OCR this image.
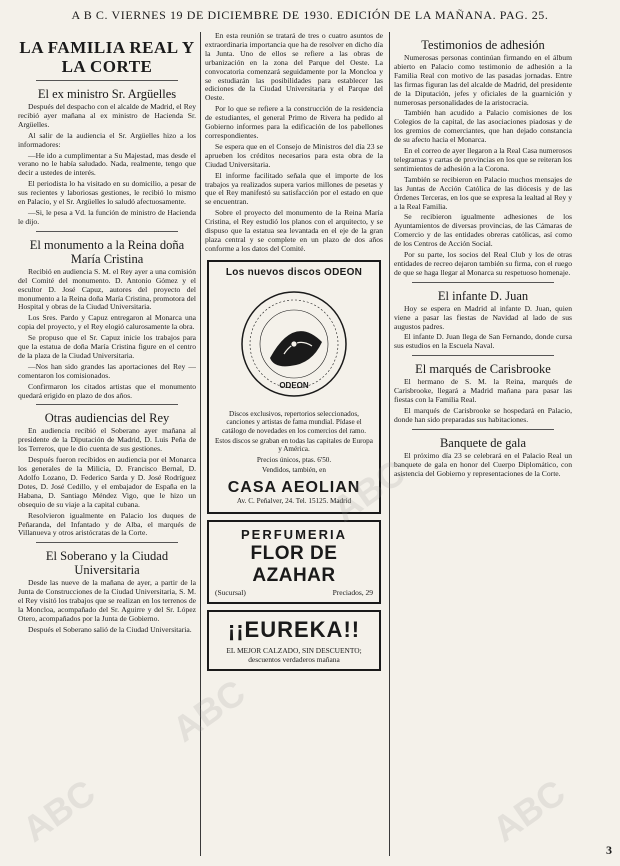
A B C. VIERNES 19 DE DICIEMBRE DE 1930. EDICIÓN DE LA MAÑANA. PAG. 25.
LA FAMILIA REAL Y LA CORTE
El ex ministro Sr. Argüelles

Después del despacho con el alcalde de Madrid, el Rey recibió ayer mañana al ex ministro de Hacienda Sr. Argüelles.

Al salir de la audiencia el Sr. Argüelles hizo a los informadores:

—He ido a cumplimentar a Su Majestad, mas desde el verano no le había saludado. Nada, realmente, tengo que decir a ustedes de interés.

El periodista lo ha visitado en su domicilio, a pesar de sus recientes y laboriosas gestiones, le recibió lo mismo en Palacio, y el Sr. Argüelles lo saludó afectuosamente.

—Si, le pesa a Vd. la función de ministro de Hacienda le dijo.

El monumento a la Reina doña María Cristina

Recibió en audiencia S. M. el Rey ayer a una comisión del Comité del monumento. D. Antonio Gómez y el escultor D. José Capuz, autores del proyecto del monumento a la Reina doña María Cristina, promotora del Hospital y obras de la Ciudad Universitaria.

Los Sres. Pardo y Capuz entregaron al Monarca una copia del proyecto, y el Rey elogió calurosamente la obra.

Se propuso que el Sr. Capuz inicie los trabajos para que la estatua de doña María Cristina figure en el centro de la plaza de la Ciudad Universitaria.

—Nos han sido grandes las aportaciones del Rey —comentaron los comisionados.

Confirmaron los citados artistas que el monumento quedará erigido en plazo de dos años.

Otras audiencias del Rey

En audiencia recibió el Soberano ayer mañana al presidente de la Diputación de Madrid, D. Luis Peña de los Terreros, que le dio cuenta de sus gestiones.

Después fueron recibidos en audiencia por el Monarca los generales de la Milicia, D. Francisco Bernal, D. Adolfo Lozano, D. Federico Sarda y D. José Rodríguez Dotes, D. José Cedillo, y el embajador de España en la Habana, D. Santiago Méndez Vigo, que le hizo un obsequio de su viaje a la capital cubana.

Resolvieron igualmente en Palacio los duques de Peñaranda, del Infantado y de Alba, el marqués de Villanueva y otros aristócratas de la Corte.

El Soberano y la Ciudad Universitaria

Desde las nueve de la mañana de ayer, a partir de la Junta de Construcciones de la Ciudad Universitaria, S. M. el Rey visitó los trabajos que se realizan en los terrenos de la Moncloa, acompañado del Sr. Aguirre y del Sr. López Otero, acompañados por la Junta de Gobierno.

Después el Soberano salió de la Ciudad Universitaria.

En esta reunión se tratará de tres o cuatro asuntos de extraordinaria importancia que ha de resolver en dicho día la Junta. Uno de ellos se refiere a las obras de urbanización en la zona del Parque del Oeste. La convocatoria comenzará seguidamente por la Moncloa y se estudiarán las posibilidades para establecer las ediciones de la Ciudad Universitaria y el Parque del Oeste.

Por lo que se refiere a la construcción de la residencia de estudiantes, el general Primo de Rivera ha pedido al Gobierno informes para la edificación de los pabellones correspondientes.

Se espera que en el Consejo de Ministros del día 23 se aprueben los créditos necesarios para esta obra de la Ciudad Universitaria.

El informe facilitado señala que el importe de los trabajos ya realizados supera varios millones de pesetas y que el Rey manifestó su satisfacción por el estado en que se encuentran.

Sobre el proyecto del monumento de la Reina María Cristina, el Rey estudió los planos con el arquitecto, y se dispuso que la estatua sea levantada en el eje de la gran plaza central y se complete en un plazo de dos años conforme a los datos del Comité.

Los nuevos discos ODEON
ODEON

Discos exclusivos, repertorios seleccionados, canciones y artistas de fama mundial. Pídase el catálogo de novedades en los comercios del ramo.

Estos discos se graban en todas las capitales de Europa y América.

Precios únicos, ptas. 6'50.

Vendidos, también, en

CASA AEOLIAN

Av. C. Peñalver, 24. Tel. 15125. Madrid

PERFUMERIA
FLOR DE AZAHAR
(Sucursal)	Preciados, 29
¡¡EUREKA!!
EL MEJOR CALZADO, SIN DESCUENTO; descuentos verdaderos mañana
Testimonios de adhesión

Numerosas personas continúan firmando en el álbum abierto en Palacio como testimonio de adhesión a la Familia Real con motivo de las pasadas jornadas. Entre las firmas figuran las del alcalde de Madrid, del presidente de la Diputación, jefes y oficiales de la guarnición y numerosas personalidades de la aristocracia.

También han acudido a Palacio comisiones de los Colegios de la capital, de las asociaciones piadosas y de los gremios de comerciantes, que han dejado constancia de su afecto hacia el Monarca.

En el correo de ayer llegaron a la Real Casa numerosos telegramas y cartas de provincias en los que se reiteran los sentimientos de adhesión a la Corona.

También se recibieron en Palacio muchos mensajes de las Juntas de Acción Católica de las diócesis y de las Órdenes Terceras, en los que se expresa la lealtad al Rey y a la Real Familia.

Se recibieron igualmente adhesiones de los Ayuntamientos de diversas provincias, de las Cámaras de Comercio y de las entidades obreras católicas, así como de los Centros de Acción Social.

Por su parte, los socios del Real Club y los de otras entidades de recreo dejaron también su firma, con el ruego de que se haga llegar al Monarca su respetuoso homenaje.

El infante D. Juan

Hoy se espera en Madrid al infante D. Juan, quien viene a pasar las fiestas de Navidad al lado de sus augustos padres.

El infante D. Juan llega de San Fernando, donde cursa sus estudios en la Escuela Naval.

El marqués de Carisbrooke

El hermano de S. M. la Reina, marqués de Carisbrooke, llegará a Madrid mañana para pasar las fiestas con la Familia Real.

El marqués de Carisbrooke se hospedará en Palacio, donde han sido preparadas sus habitaciones.

Banquete de gala

El próximo día 23 se celebrará en el Palacio Real un banquete de gala en honor del Cuerpo Diplomático, con asistencia del Gobierno y representaciones de la Corte.

ABC
ABC
ABC
ABC
3
